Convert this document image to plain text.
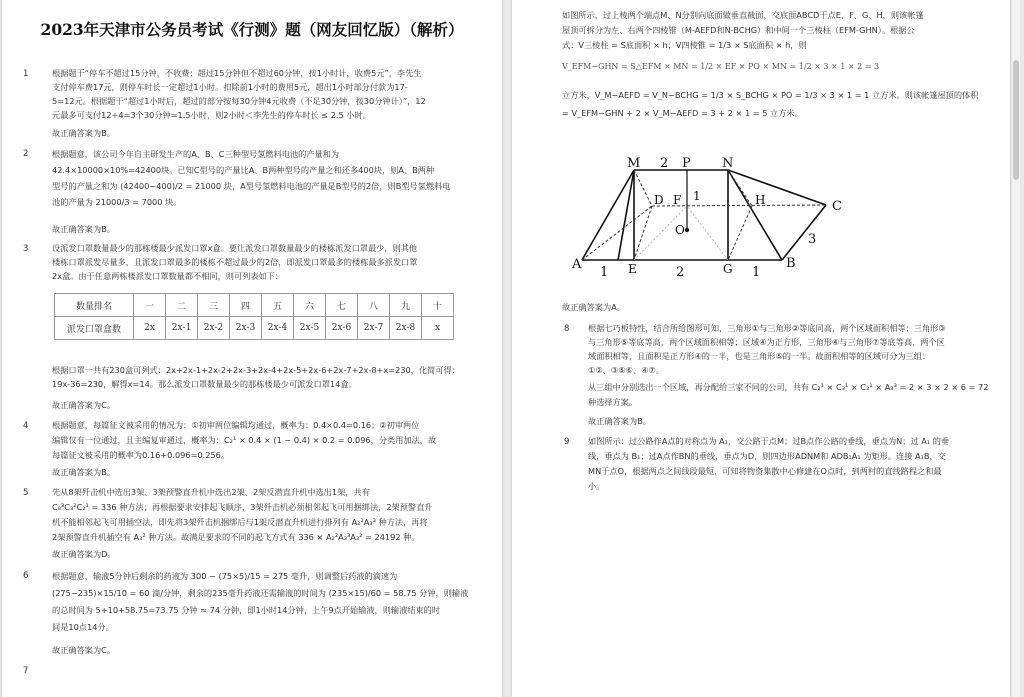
2023年天津市公务员考试《行测》题（网友回忆版）（解析）
1	根据题干“停车不超过15分钟，不收费；超过15分钟但不超过60分钟，按1小时计，收费5元”，李先生
支付停车费17元，则停车时长一定超过1小时。扣除前1小时的费用5元，超出1小时部分付款为17-
5=12元。根据题干“超过1小时后，超过的部分按每30分钟4元收费（不足30分钟，按30分钟计）”，12
元最多可支付12÷4=3个30分钟=1.5小时，则2小时＜李先生的停车时长 ≤ 2.5 小时。
故正确答案为B。
2	根据题意，该公司今年自主研发生产的A、B、C三种型号氢燃料电池的产量和为
42.4×10000×10%=42400块。已知C型号的产量比A、B两种型号的产量之和还多400块，则A、B两种
型号的产量之和为 (42400−400)/2 = 21000 块，A型号氢燃料电池的产量是B型号的2倍，则B型号氢燃料电
池的产量为 21000/3 = 7000 块。
故正确答案为B。
3	设派发口罩数量最少的那栋楼最少派发口罩x盒。要让派发口罩数量最少的楼栋派发口罩最少，则其他
楼栋口罩派发尽量多，且派发口罩最多的楼栋不超过最少的2倍，即派发口罩最多的楼栋最多派发口罩
2x盒。由于任意两栋楼派发口罩数量都不相同，则可列表如下：
数量排名	一	二	三	四	五	六	七	八	九	十
派发口罩盒数	2x	2x-1	2x-2	2x-3	2x-4	2x-5	2x-6	2x-7	2x-8	x
根据口罩一共有230盒可列式：2x+2x-1+2x-2+2x-3+2x-4+2x-5+2x-6+2x-7+2x-8+x=230，化简可得：
19x-36=230，解得x=14。那么派发口罩数量最少的那栋楼最少可派发口罩14盒。
故正确答案为C。
4	根据题意，每篇征文被采用的情况为：①初审两位编辑均通过，概率为：0.4×0.4=0.16；②初审两位
编辑仅有一位通过，且主编复审通过，概率为：C₂¹ × 0.4 × (1 − 0.4) × 0.2 = 0.096，分类用加法，故
每篇征文被采用的概率为0.16+0.096=0.256。
故正确答案为B。
5	先从8架歼击机中选出3架、3架预警直升机中选出2架、2架反潜直升机中选出1架，共有
C₈³C₃²C₂¹ = 336 种方法；再根据要求安排起飞顺序，3架歼击机必须相邻起飞可用捆绑法，2架预警直升
机不能相邻起飞可用插空法，即先将3架歼击机捆绑后与1架反潜直升机进行排列有 A₂²A₃³ 种方法，再将
2架预警直升机插空有 A₃² 种方法。故满足要求的不同的起飞方式有 336 × A₂²A₃³A₃² = 24192 种。
故正确答案为D。
6	根据题意，输液5分钟后剩余的药液为 300 − (75×5)/15 = 275 毫升，则调整后药液的滴速为
(275−235)×15/10 = 60 滴/分钟，剩余的235毫升药液还需输液的时间为 (235×15)/60 = 58.75 分钟，则输液
的总时间为 5+10+58.75=73.75 分钟 ≈ 74 分钟，即1小时14分钟，上午9点开始输液，则输液结束的时
间是10点14分。
故正确答案为C。
7
如图所示，过上棱两个端点M、N分别向底面做垂直截面，交底面ABCD于点E、F、G、H，则该帐篷
屋顶可拆分为左、右两个四棱锥（M-AEFD和N-BCHG）和中间一个三棱柱（EFM-GHN）。根据公
式：V三棱柱 = S底面积 × h；V四棱锥 = 1/3 × S底面积 × h，则
V_EFM−GHN = S△EFM × MN = 1/2 × EF × PO × MN = 1/2 × 3 × 1 × 2 = 3
立方米，V_M−AEFD = V_N−BCHG = 1/3 × S_BCHG × PO = 1/3 × 3 × 1 = 1 立方米。则该帐篷屋顶的体积
= V_EFM−GHN + 2 × V_M−AEFD = 3 + 2 × 1 = 5 立方米。
M	P N
2
D F 1	H	C
O
A	E	G	B
3
1	2	1
故正确答案为A。
8 根据七巧板特性，结合所给图形可知，三角形①与三角形②等底同高，两个区域面积相等；三角形③
与三角形⑤等底等高，两个区域面积相等；区域④为正方形，三角形④与三角形⑦等底等高，两个区
域面积相等，且面积是正方形④的一半，也是三角形⑤的一半。故面积相等的区域可分为三组：
①②、③⑤⑥、④⑦。
从三组中分别选出一个区域，再分配给三家不同的公司，共有 C₂¹ × C₃¹ × C₂¹ × A₃³ = 2 × 3 × 2 × 6 = 72
种选择方案。
故正确答案为B。
9 如图所示：过公路作A点的对称点为 A₁，交公路于点M；过B点作公路的垂线，垂点为N；过 A₁ 的垂
线，垂点为 B₁；过A点作BN的垂线，垂点为D，则四边形ADNM和 ADB₁A₁ 为矩形。连接 A₁B，交
MN于点O，根据两点之间线段最短，可知将物资集散中心修建在O点时，到两村的直线路程之和最
小。
